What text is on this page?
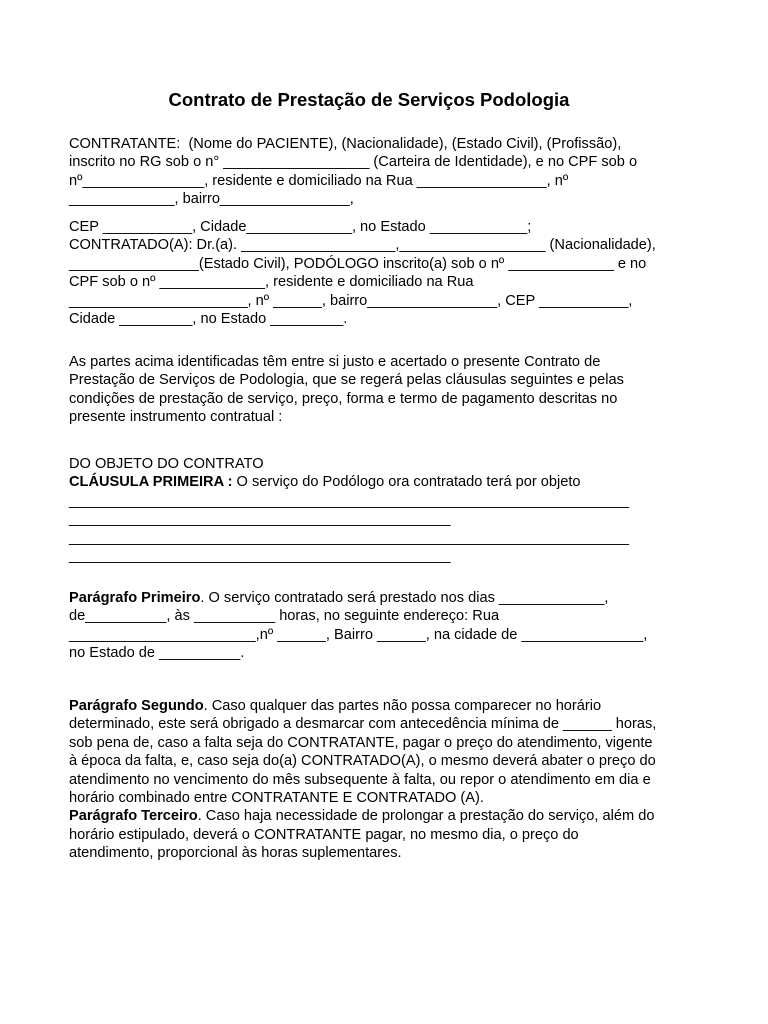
Contrato de Prestação de Serviços Podologia
CONTRATANTE:  (Nome do PACIENTE), (Nacionalidade), (Estado Civil), (Profissão),
inscrito no RG sob o n° __________________ (Carteira de Identidade), e no CPF sob o
nº_______________, residente e domiciliado na Rua ________________, nº
_____________, bairro________________,
CEP ___________, Cidade_____________, no Estado ____________;
CONTRATADO(A): Dr.(a). ___________________,__________________ (Nacionalidade),
________________(Estado Civil), PODÓLOGO inscrito(a) sob o nº _____________ e no
CPF sob o nº _____________, residente e domiciliado na Rua
______________________, nº ______, bairro________________, CEP ___________,
Cidade _________, no Estado _________.
As partes acima identificadas têm entre si justo e acertado o presente Contrato de
Prestação de Serviços de Podologia, que se regerá pelas cláusulas seguintes e pelas
condições de prestação de serviço, preço, forma e termo de pagamento descritas no
presente instrumento contratual :
DO OBJETO DO CONTRATO
CLÁUSULA PRIMEIRA : O serviço do Podólogo ora contratado terá por objeto
_____________________________________________________________________
_______________________________________________
_____________________________________________________________________
_______________________________________________
Parágrafo Primeiro. O serviço contratado será prestado nos dias _____________,
de__________, às __________ horas, no seguinte endereço: Rua
_______________________,nº ______, Bairro ______, na cidade de _______________,
no Estado de __________.
Parágrafo Segundo. Caso qualquer das partes não possa comparecer no horário
determinado, este será obrigado a desmarcar com antecedência mínima de ______ horas,
sob pena de, caso a falta seja do CONTRATANTE, pagar o preço do atendimento, vigente
à época da falta, e, caso seja do(a) CONTRATADO(A), o mesmo deverá abater o preço do
atendimento no vencimento do mês subsequente à falta, ou repor o atendimento em dia e
horário combinado entre CONTRATANTE E CONTRATADO (A).
Parágrafo Terceiro. Caso haja necessidade de prolongar a prestação do serviço, além do
horário estipulado, deverá o CONTRATANTE pagar, no mesmo dia, o preço do
atendimento, proporcional às horas suplementares.
